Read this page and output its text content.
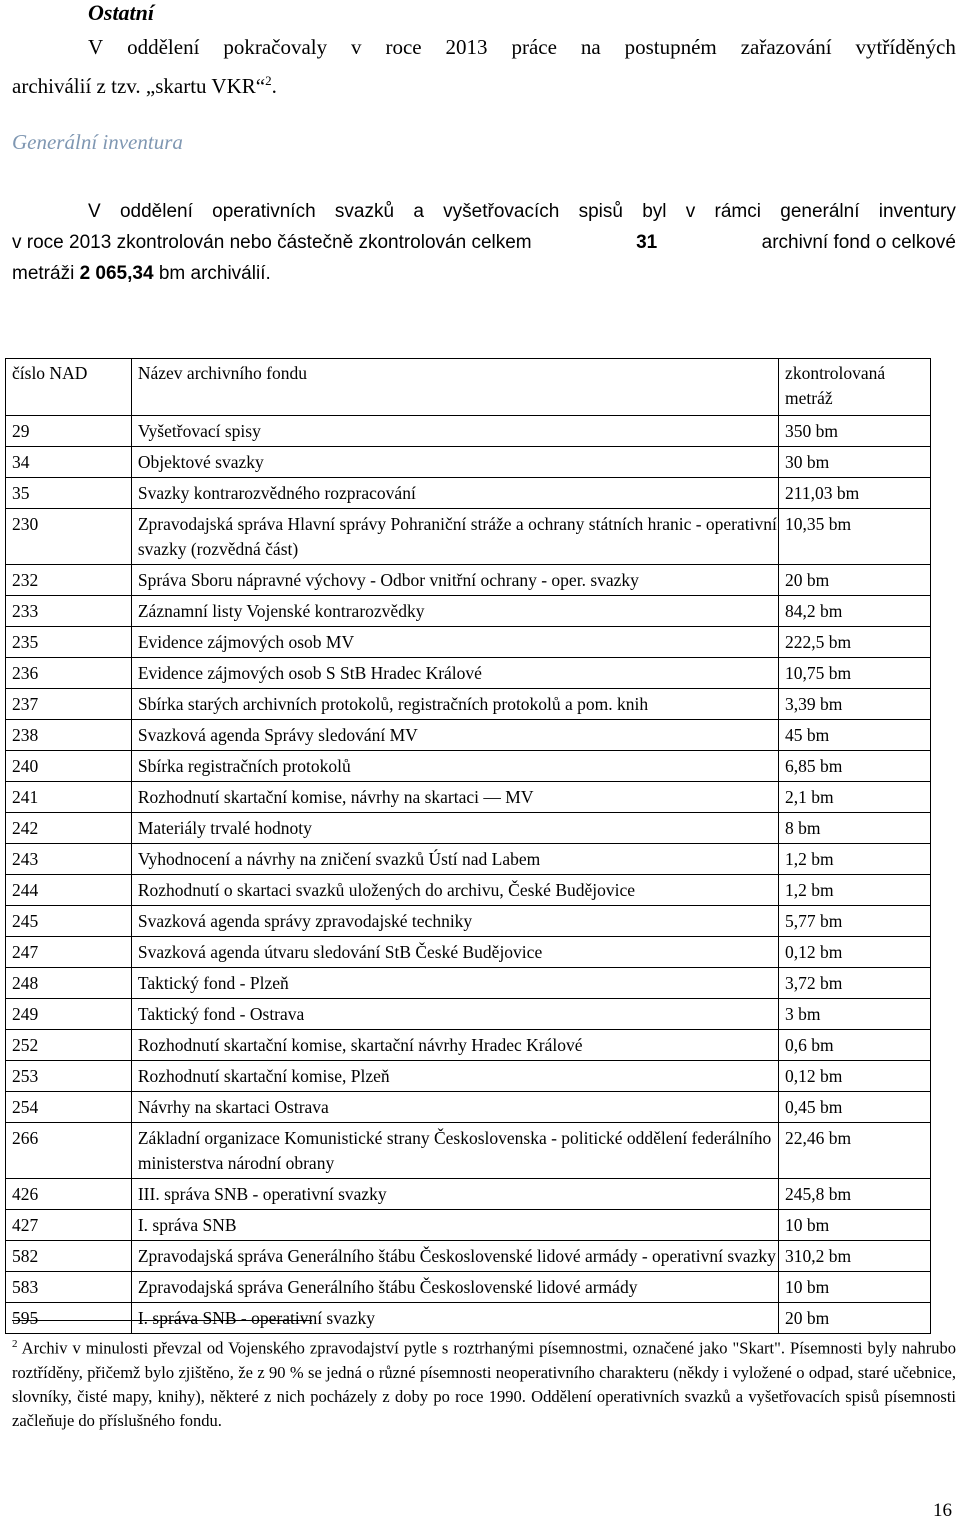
Ostatní
V oddělení pokračovaly v roce 2013 práce na postupném zařazování vytříděných
archiválií z tzv. „skartu VKR“$^2$.
Generální inventura
V oddělení operativních svazků a vyšetřovacích spisů byl v rámci generální inventury
v roce 2013 zkontrolován nebo částečně zkontrolován celkem	31	archivní fond o celkové
metráži 2 065,34 bm archiválií.
číslo NAD	Název archivního fondu	zkontrolovaná metráž
29	Vyšetřovací spisy	350 bm
34	Objektové svazky	30 bm
35	Svazky kontrarozvědného rozpracování	211,03 bm
230	Zpravodajská správa Hlavní správy Pohraniční stráže a ochrany státních hranic - operativní svazky (rozvědná část)	10,35 bm
232	Správa Sboru nápravné výchovy - Odbor vnitřní ochrany - oper. svazky	20 bm
233	Záznamní listy Vojenské kontrarozvědky	84,2 bm
235	Evidence zájmových osob MV	222,5 bm
236	Evidence zájmových osob S StB Hradec Králové	10,75 bm
237	Sbírka starých archivních protokolů, registračních protokolů a pom. knih	3,39 bm
238	Svazková agenda Správy sledování MV	45 bm
240	Sbírka registračních protokolů	6,85 bm
241	Rozhodnutí skartační komise, návrhy na skartaci — MV	2,1 bm
242	Materiály trvalé hodnoty	8 bm
243	Vyhodnocení a návrhy na zničení svazků Ústí nad Labem	1,2 bm
244	Rozhodnutí o skartaci svazků uložených do archivu, České Budějovice	1,2 bm
245	Svazková agenda správy zpravodajské techniky	5,77 bm
247	Svazková agenda útvaru sledování StB České Budějovice	0,12 bm
248	Taktický fond - Plzeň	3,72 bm
249	Taktický fond - Ostrava	3 bm
252	Rozhodnutí skartační komise, skartační návrhy Hradec Králové	0,6 bm
253	Rozhodnutí skartační komise, Plzeň	0,12 bm
254	Návrhy na skartaci Ostrava	0,45 bm
266	Základní organizace Komunistické strany Československa - politické oddělení federálního ministerstva národní obrany	22,46 bm
426	III. správa SNB - operativní svazky	245,8 bm
427	I. správa SNB	10 bm
582	Zpravodajská správa Generálního štábu Československé lidové armády - operativní svazky	310,2 bm
583	Zpravodajská správa Generálního štábu Československé lidové armády	10 bm
595	I. správa SNB - operativní svazky	20 bm
$^2$ Archiv v minulosti převzal od Vojenského zpravodajství pytle s roztrhanými písemnostmi, označené jako "Skart". Písemnosti byly nahrubo roztříděny, přičemž bylo zjištěno, že z 90 % se jedná o různé písemnosti neoperativního charakteru (někdy i vyložené o odpad, staré učebnice, slovníky, čisté mapy, knihy), některé z nich pocházely z doby po roce 1990. Oddělení operativních svazků a vyšetřovacích spisů písemnosti začleňuje do příslušného fondu.
16
